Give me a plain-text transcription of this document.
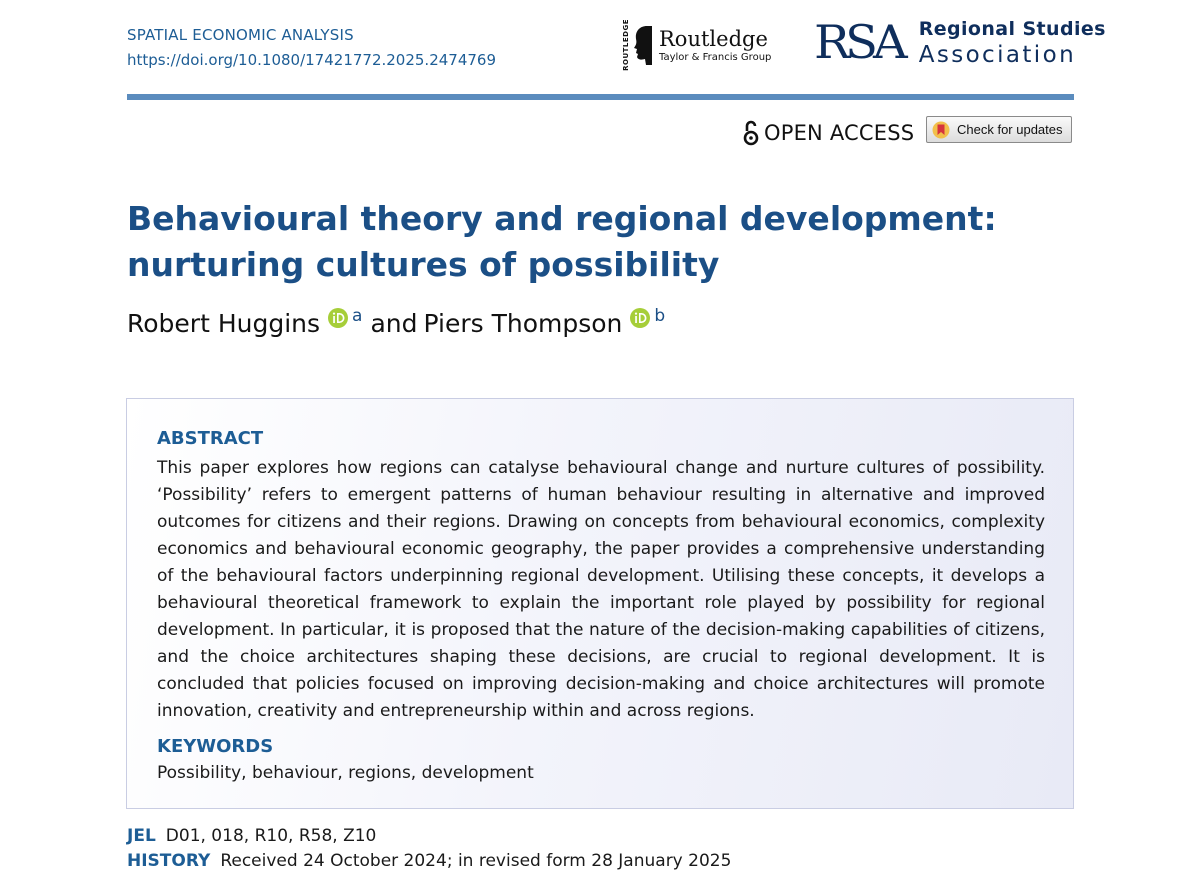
SPATIAL ECONOMIC ANALYSIS
https://doi.org/10.1080/17421772.2025.2474769	ROUTLEDGE Routledge
Taylor & Francis Group RSA Regional Studies
Association
OPEN ACCESS	Check for updates
Behavioural theory and regional development: nurturing cultures of possibility
Robert Huggins $^a$ and Piers Thompson $^b$
ABSTRACT

This paper explores how regions can catalyse behavioural change and nurture cultures of possibility. ‘Possibility’ refers to emergent patterns of human behaviour resulting in alternative and improved outcomes for citizens and their regions. Drawing on concepts from behavioural economics, complexity economics and behavioural economic geography, the paper provides a comprehensive understanding of the behavioural factors underpinning regional development. Utilising these concepts, it develops a behavioural theoretical framework to explain the important role played by possibility for regional development. In particular, it is proposed that the nature of the decision-making capabilities of citizens, and the choice architectures shaping these decisions, are crucial to regional development. It is concluded that policies focused on improving decision-making and choice architectures will promote innovation, creativity and entrepreneurship within and across regions.

KEYWORDS
Possibility, behaviour, regions, development
JEL D01, 018, R10, R58, Z10
HISTORY Received 24 October 2024; in revised form 28 January 2025
